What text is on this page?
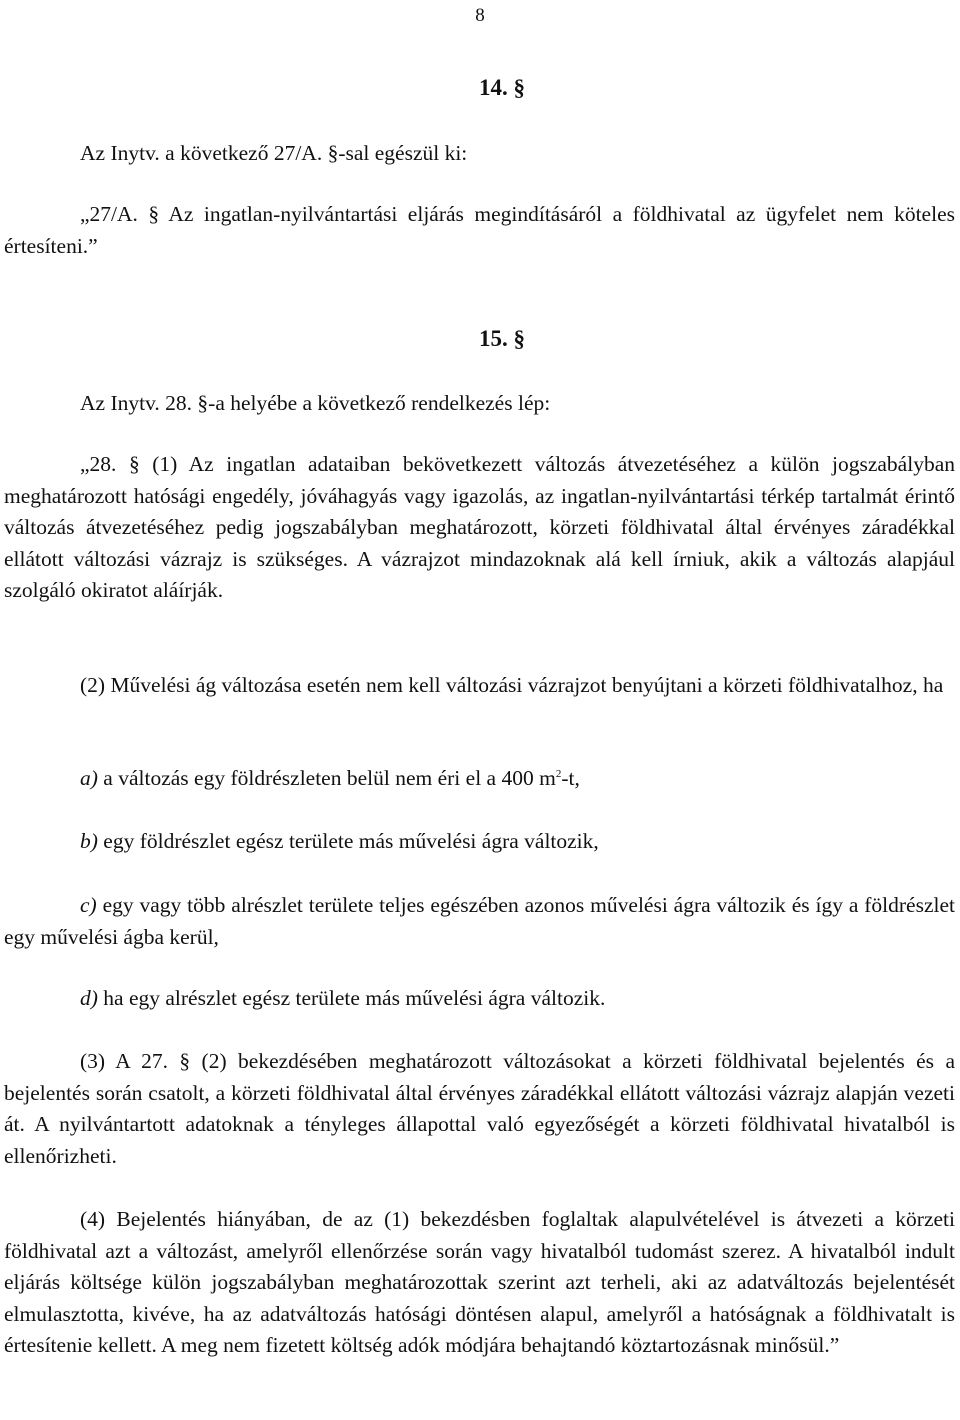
8
14. §

Az Inytv. a következő 27/A. §-sal egészül ki:

„27/A. § Az ingatlan-nyilvántartási eljárás megindításáról a földhivatal az ügyfelet nem köteles értesíteni.”

15. §

Az Inytv. 28. §-a helyébe a következő rendelkezés lép:

„28. § (1) Az ingatlan adataiban bekövetkezett változás átvezetéséhez a külön jogszabályban meghatározott hatósági engedély, jóváhagyás vagy igazolás, az ingatlan-nyilvántartási térkép tartalmát érintő változás átvezetéséhez pedig jogszabályban meghatározott, körzeti földhivatal által érvényes záradékkal ellátott változási vázrajz is szükséges. A vázrajzot mindazoknak alá kell írniuk, akik a változás alapjául szolgáló okiratot aláírják.

(2) Művelési ág változása esetén nem kell változási vázrajzot benyújtani a körzeti földhivatalhoz, ha

a) a változás egy földrészleten belül nem éri el a 400 $m^2-t$,

b) egy földrészlet egész területe más művelési ágra változik,

c) egy vagy több alrészlet területe teljes egészében azonos művelési ágra változik és így a földrészlet egy művelési ágba kerül,

d) ha egy alrészlet egész területe más művelési ágra változik.

(3) A 27. § (2) bekezdésében meghatározott változásokat a körzeti földhivatal bejelentés és a bejelentés során csatolt, a körzeti földhivatal által érvényes záradékkal ellátott változási vázrajz alapján vezeti át. A nyilvántartott adatoknak a tényleges állapottal való egyezőségét a körzeti földhivatal hivatalból is ellenőrizheti.

(4) Bejelentés hiányában, de az (1) bekezdésben foglaltak alapulvételével is átvezeti a körzeti földhivatal azt a változást, amelyről ellenőrzése során vagy hivatalból tudomást szerez. A hivatalból indult eljárás költsége külön jogszabályban meghatározottak szerint azt terheli, aki az adatváltozás bejelentését elmulasztotta, kivéve, ha az adatváltozás hatósági döntésen alapul, amelyről a hatóságnak a földhivatalt is értesítenie kellett. A meg nem fizetett költség adók módjára behajtandó köztartozásnak minősül.”
